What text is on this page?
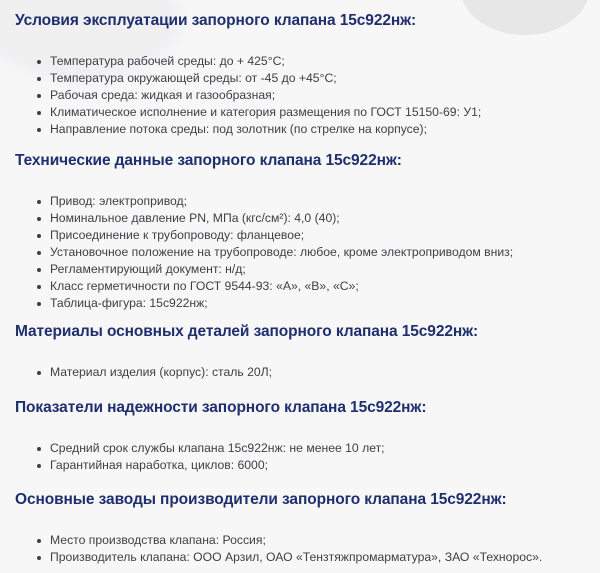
Условия эксплуатации запорного клапана 15с922нж:
Температура рабочей среды: до + 425°С;
Температура окружающей среды: от -45 до +45°С;
Рабочая среда: жидкая и газообразная;
Климатическое исполнение и категория размещения по ГОСТ 15150-69: У1;
Направление потока среды: под золотник (по стрелке на корпусе);
Технические данные запорного клапана 15с922нж:
Привод: электропривод;
Номинальное давление PN, МПа (кгс/см²): 4,0 (40);
Присоединение к трубопроводу: фланцевое;
Установочное положение на трубопроводе: любое, кроме электроприводом вниз;
Регламентирующий документ: н/д;
Класс герметичности по ГОСТ 9544-93: «А», «В», «С»;
Таблица-фигура: 15с922нж;
Материалы основных деталей запорного клапана 15с922нж:
Материал изделия (корпус): сталь 20Л;
Показатели надежности запорного клапана 15с922нж:
Средний срок службы клапана 15с922нж: не менее 10 лет;
Гарантийная наработка, циклов: 6000;
Основные заводы производители запорного клапана 15с922нж:
Место производства клапана: Россия;
Производитель клапана: ООО Арзил, ОАО «Тензтяжпромарматура», ЗАО «Технорос».
